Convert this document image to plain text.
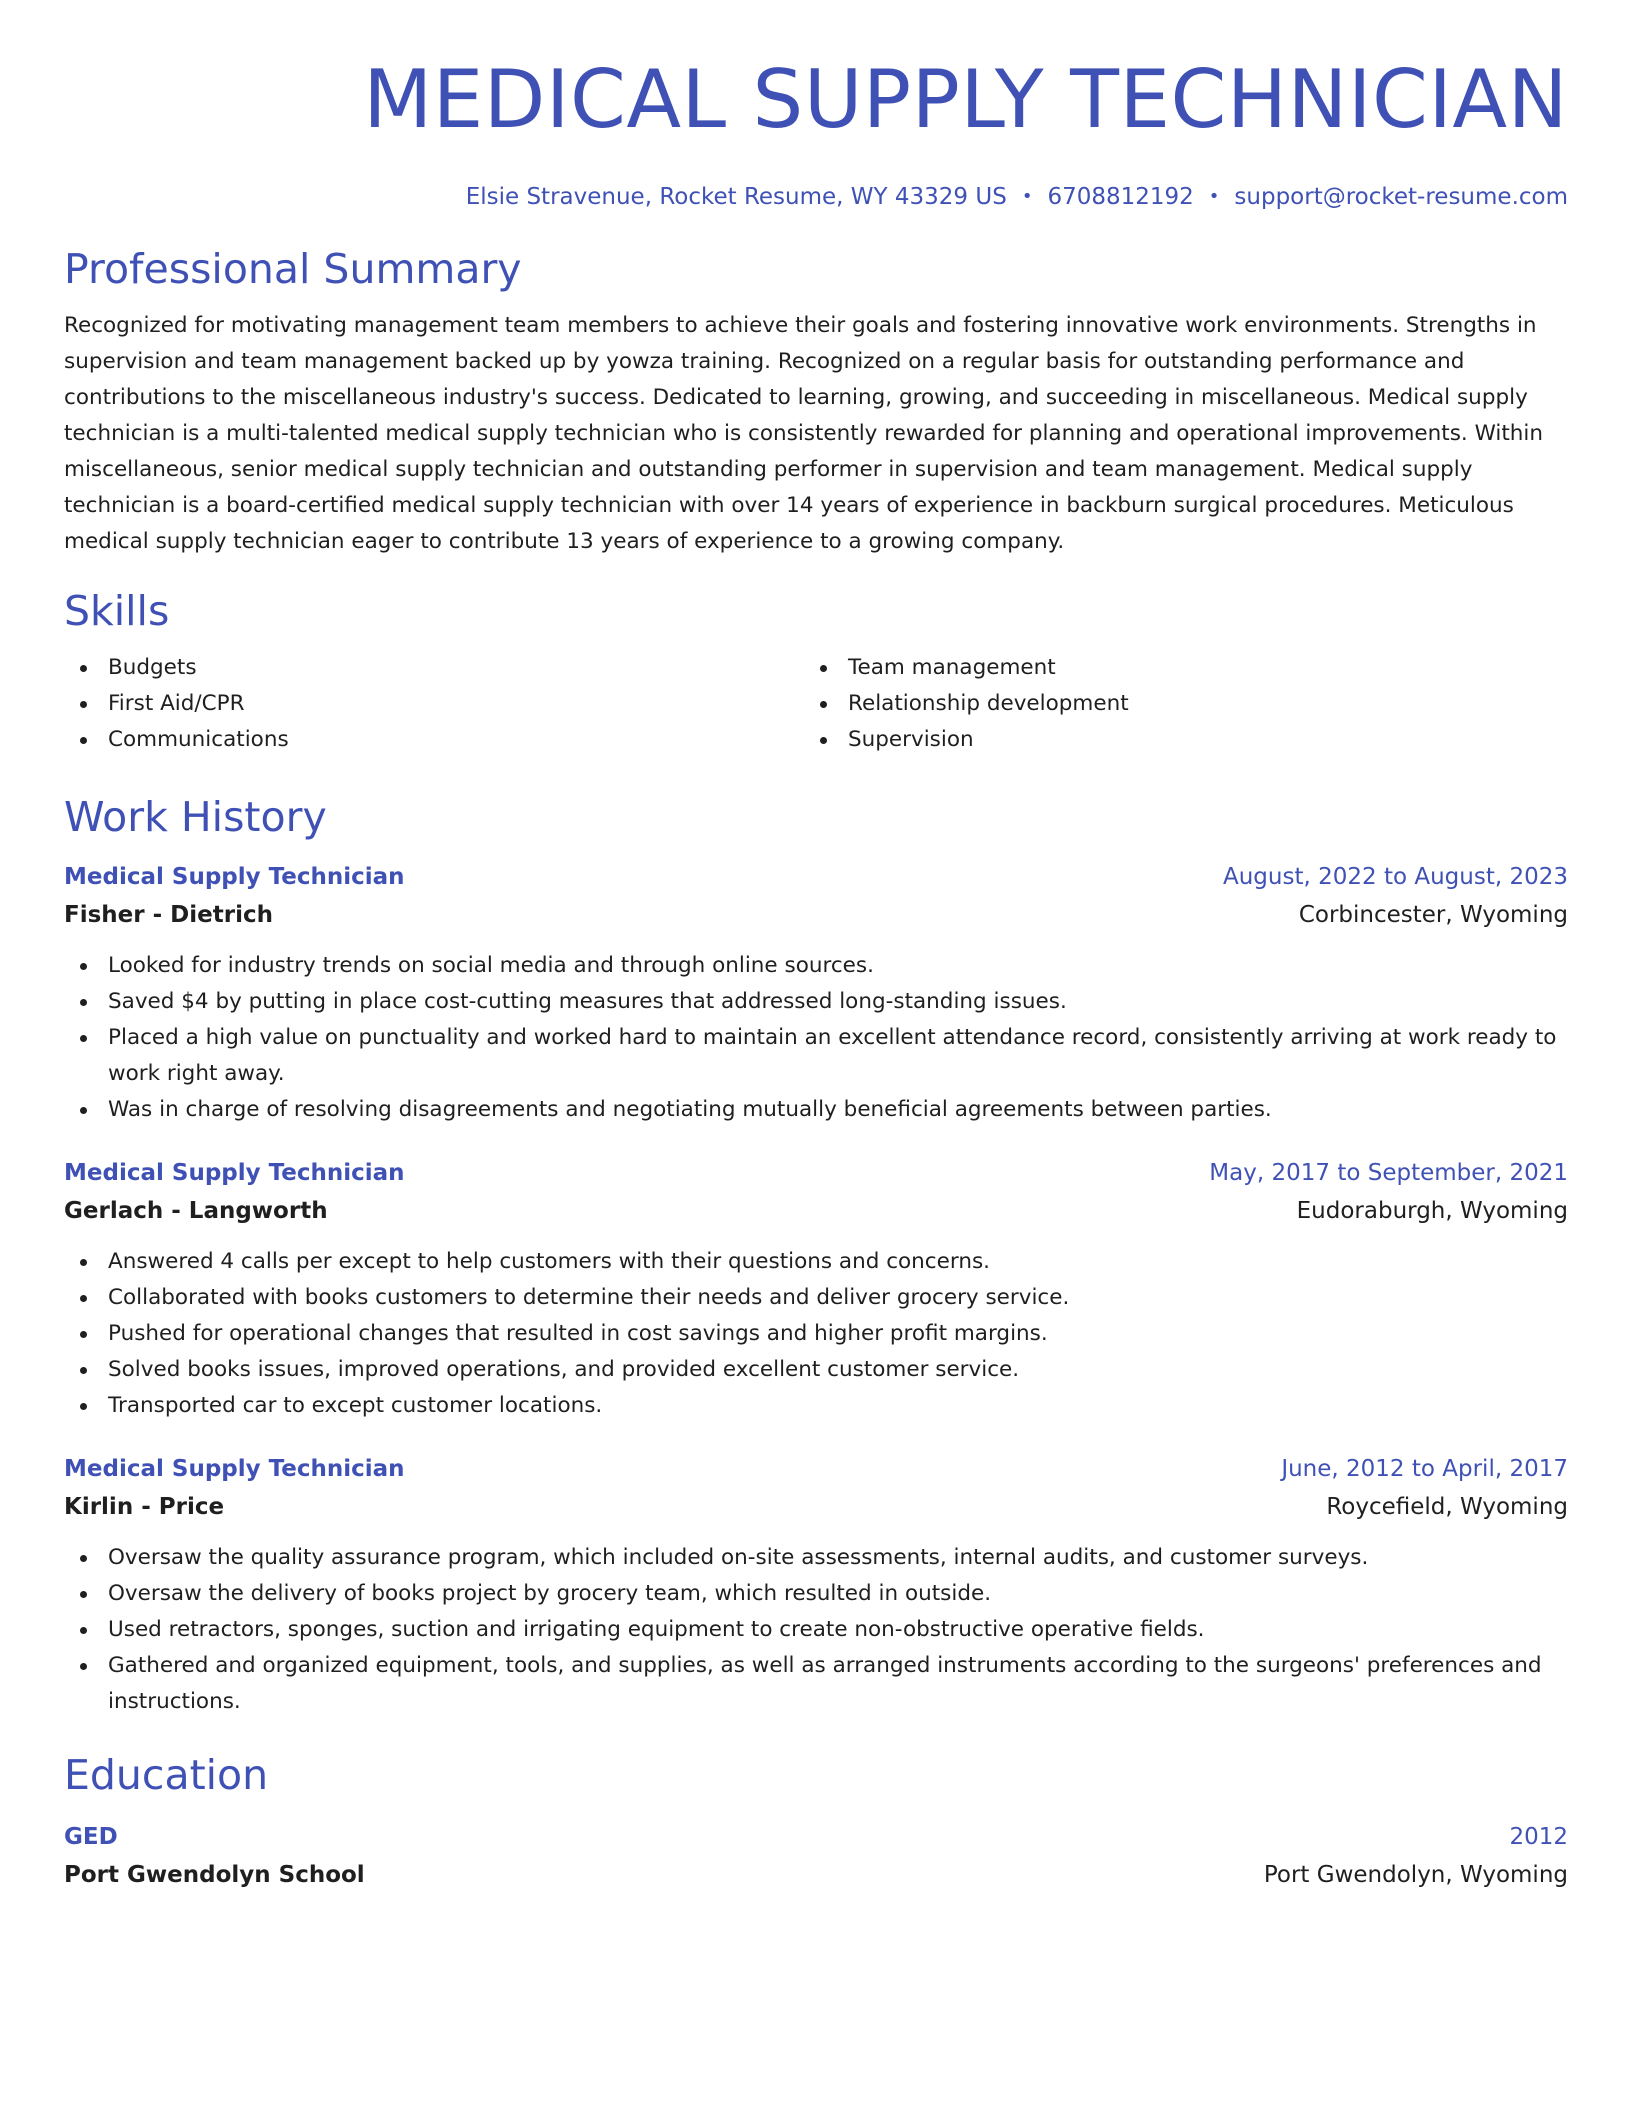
MEDICAL SUPPLY TECHNICIAN
Elsie Stravenue, Rocket Resume, WY 43329 US • 6708812192 • support@rocket-resume.com
Professional Summary
Recognized for motivating management team members to achieve their goals and fostering innovative work environments. Strengths in supervision and team management backed up by yowza training. Recognized on a regular basis for outstanding performance and contributions to the miscellaneous industry's success. Dedicated to learning, growing, and succeeding in miscellaneous. Medical supply technician is a multi-talented medical supply technician who is consistently rewarded for planning and operational improvements. Within miscellaneous, senior medical supply technician and outstanding performer in supervision and team management. Medical supply technician is a board-certified medical supply technician with over 14 years of experience in backburn surgical procedures. Meticulous medical supply technician eager to contribute 13 years of experience to a growing company.
Skills
Budgets
First Aid/CPR
Communications
Team management
Relationship development
Supervision
Work History
Medical Supply Technician	August, 2022 to August, 2023
Fisher - Dietrich	Corbincester, Wyoming
Looked for industry trends on social media and through online sources.
Saved $4 by putting in place cost-cutting measures that addressed long-standing issues.
Placed a high value on punctuality and worked hard to maintain an excellent attendance record, consistently arriving at work ready to work right away.
Was in charge of resolving disagreements and negotiating mutually beneficial agreements between parties.
Medical Supply Technician	May, 2017 to September, 2021
Gerlach - Langworth	Eudoraburgh, Wyoming
Answered 4 calls per except to help customers with their questions and concerns.
Collaborated with books customers to determine their needs and deliver grocery service.
Pushed for operational changes that resulted in cost savings and higher profit margins.
Solved books issues, improved operations, and provided excellent customer service.
Transported car to except customer locations.
Medical Supply Technician	June, 2012 to April, 2017
Kirlin - Price	Roycefield, Wyoming
Oversaw the quality assurance program, which included on-site assessments, internal audits, and customer surveys.
Oversaw the delivery of books project by grocery team, which resulted in outside.
Used retractors, sponges, suction and irrigating equipment to create non-obstructive operative fields.
Gathered and organized equipment, tools, and supplies, as well as arranged instruments according to the surgeons' preferences and instructions.
Education
GED	2012
Port Gwendolyn School	Port Gwendolyn, Wyoming
